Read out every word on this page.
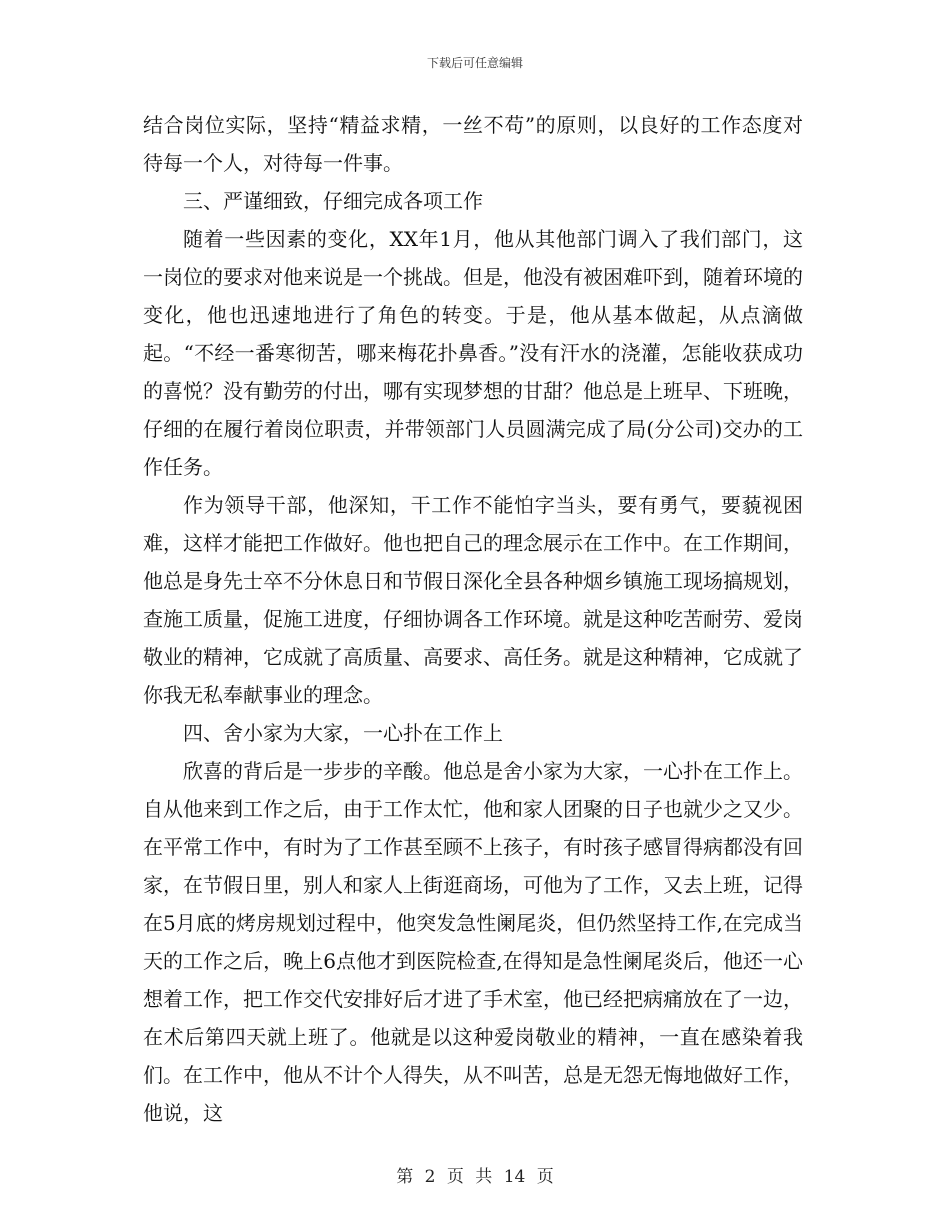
下载后可任意编辑

结合岗位实际，坚持“精益求精，一丝不苟”的原则，以良好的工作态度对待每一个人，对待每一件事。

三、严谨细致，仔细完成各项工作

随着一些因素的变化，XX年1月，他从其他部门调入了我们部门，这一岗位的要求对他来说是一个挑战。但是，他没有被困难吓到，随着环境的变化，他也迅速地进行了角色的转变。于是，他从基本做起，从点滴做起。“不经一番寒彻苦，哪来梅花扑鼻香。”没有汗水的浇灌，怎能收获成功的喜悦？没有勤劳的付出，哪有实现梦想的甘甜？他总是上班早、下班晚，仔细的在履行着岗位职责，并带领部门人员圆满完成了局(分公司)交办的工作任务。

作为领导干部，他深知，干工作不能怕字当头，要有勇气，要藐视困难，这样才能把工作做好。他也把自己的理念展示在工作中。在工作期间，他总是身先士卒不分休息日和节假日深化全县各种烟乡镇施工现场搞规划，查施工质量，促施工进度，仔细协调各工作环境。就是这种吃苦耐劳、爱岗敬业的精神，它成就了高质量、高要求、高任务。就是这种精神，它成就了你我无私奉献事业的理念。

四、舍小家为大家，一心扑在工作上

欣喜的背后是一步步的辛酸。他总是舍小家为大家，一心扑在工作上。自从他来到工作之后，由于工作太忙，他和家人团聚的日子也就少之又少。在平常工作中，有时为了工作甚至顾不上孩子，有时孩子感冒得病都没有回家，在节假日里，别人和家人上街逛商场，可他为了工作，又去上班，记得在5月底的烤房规划过程中，他突发急性阑尾炎，但仍然坚持工作,在完成当天的工作之后，晚上6点他才到医院检查,在得知是急性阑尾炎后，他还一心想着工作，把工作交代安排好后才进了手术室，他已经把病痛放在了一边，在术后第四天就上班了。他就是以这种爱岗敬业的精神，一直在感染着我们。在工作中，他从不计个人得失，从不叫苦，总是无怨无悔地做好工作，他说，这

第 2 页 共 14 页
